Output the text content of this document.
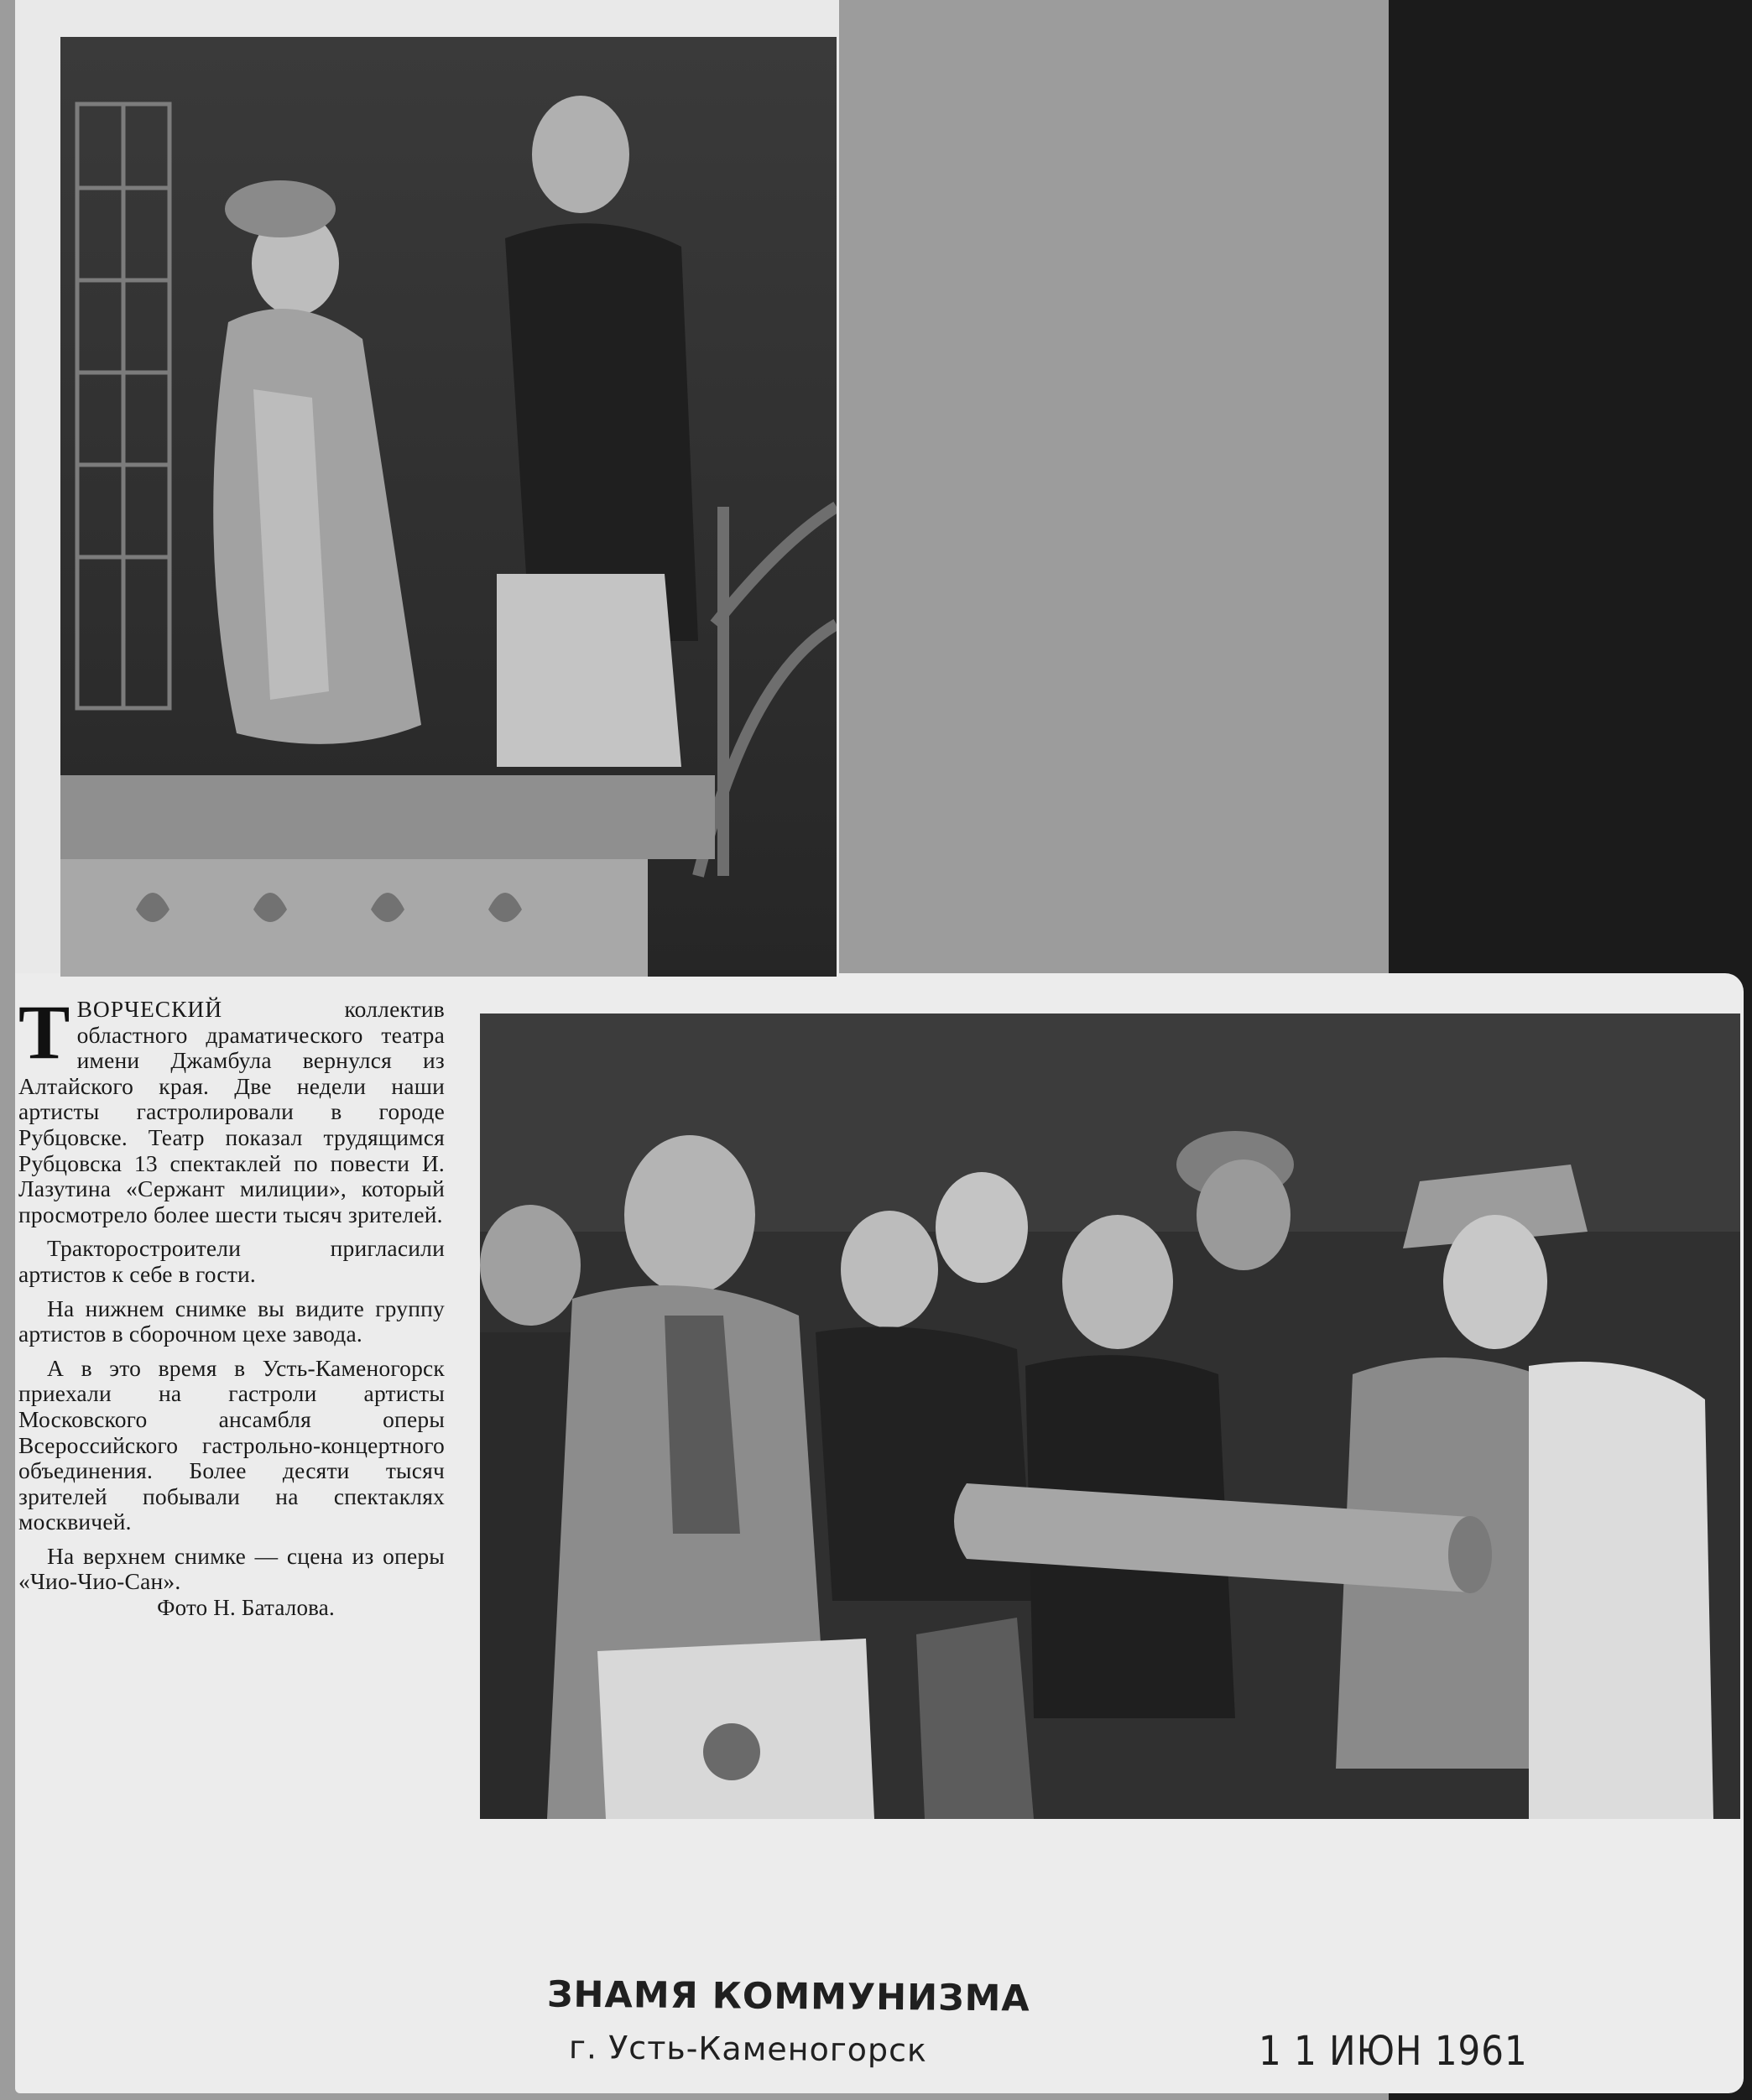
ТВОРЧЕСКИЙ	коллектив областного драматического театра имени Джамбула вернулся из Алтайского края. Две недели наши артисты гастролировали в городе Рубцовске. Театр показал трудящимся Рубцовска 13 спектаклей по повести И. Лазутина «Сержант милиции», который просмотрело более шести тысяч зрителей.

Тракторостроители пригласили артистов к себе в гости.

На нижнем снимке вы видите группу артистов в сборочном цехе завода.

А в это время в Усть-Каменогорск приехали на гастроли артисты Московского ансамбля оперы Всероссийского гастрольно-концертного объединения. Более десяти тысяч зрителей побывали на спектаклях москвичей.

На верхнем снимке — сцена из оперы «Чио-Чио-Сан».

Фото Н. Баталова.

ЗНАМЯ КОММУНИЗМА
г. Усть-Каменогорск	1 1 ИЮН 1961
